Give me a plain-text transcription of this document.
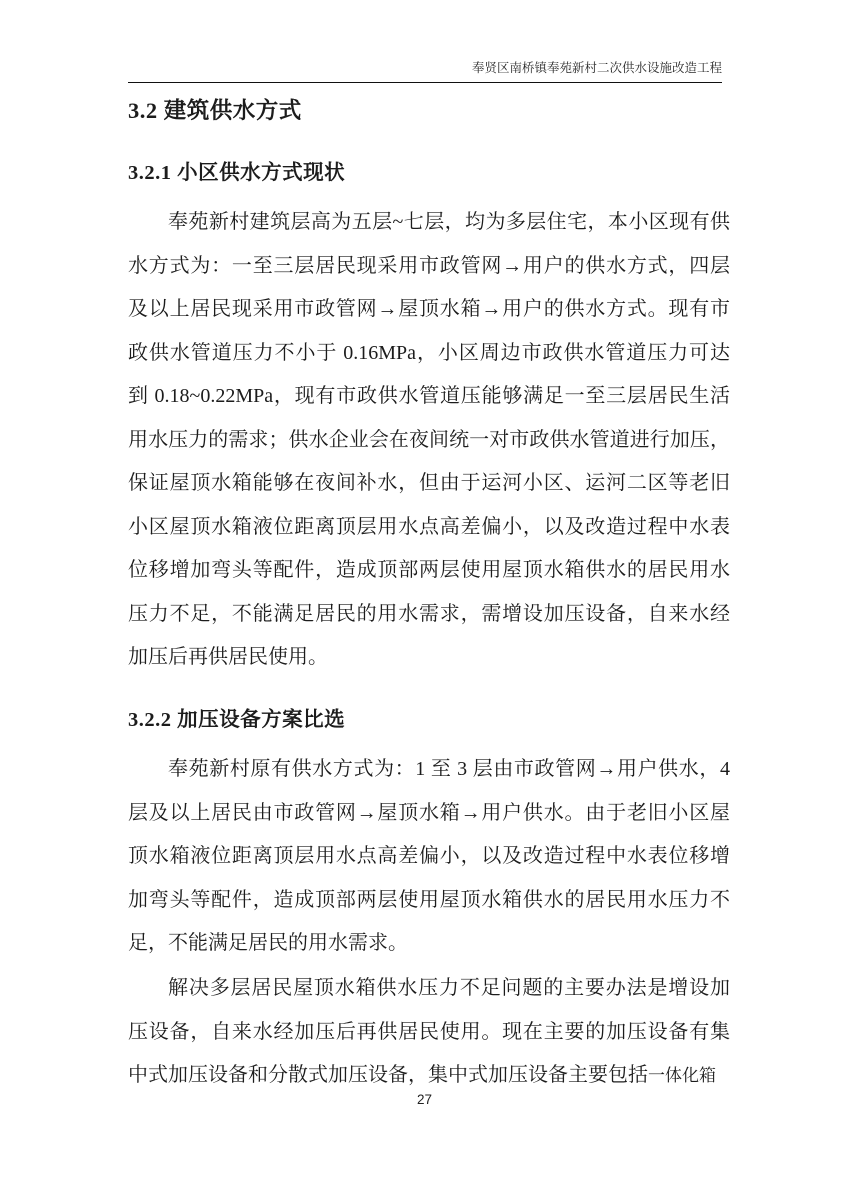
奉贤区南桥镇奉苑新村二次供水设施改造工程
3.2 建筑供水方式
3.2.1 小区供水方式现状
奉苑新村建筑层高为五层~七层，均为多层住宅，本小区现有供
水方式为：一至三层居民现采用市政管网→用户的供水方式，四层
及以上居民现采用市政管网→屋顶水箱→用户的供水方式。现有市
政供水管道压力不小于 0.16MPa，小区周边市政供水管道压力可达
到 0.18~0.22MPa，现有市政供水管道压能够满足一至三层居民生活
用水压力的需求；供水企业会在夜间统一对市政供水管道进行加压，
保证屋顶水箱能够在夜间补水，但由于运河小区、运河二区等老旧
小区屋顶水箱液位距离顶层用水点高差偏小，以及改造过程中水表
位移增加弯头等配件，造成顶部两层使用屋顶水箱供水的居民用水
压力不足，不能满足居民的用水需求，需增设加压设备，自来水经
加压后再供居民使用。
3.2.2 加压设备方案比选
奉苑新村原有供水方式为：1 至 3 层由市政管网→用户供水，4
层及以上居民由市政管网→屋顶水箱→用户供水。由于老旧小区屋
顶水箱液位距离顶层用水点高差偏小，以及改造过程中水表位移增
加弯头等配件，造成顶部两层使用屋顶水箱供水的居民用水压力不
足，不能满足居民的用水需求。
解决多层居民屋顶水箱供水压力不足问题的主要办法是增设加
压设备，自来水经加压后再供居民使用。现在主要的加压设备有集
中式加压设备和分散式加压设备，集中式加压设备主要包括一体化箱
27
